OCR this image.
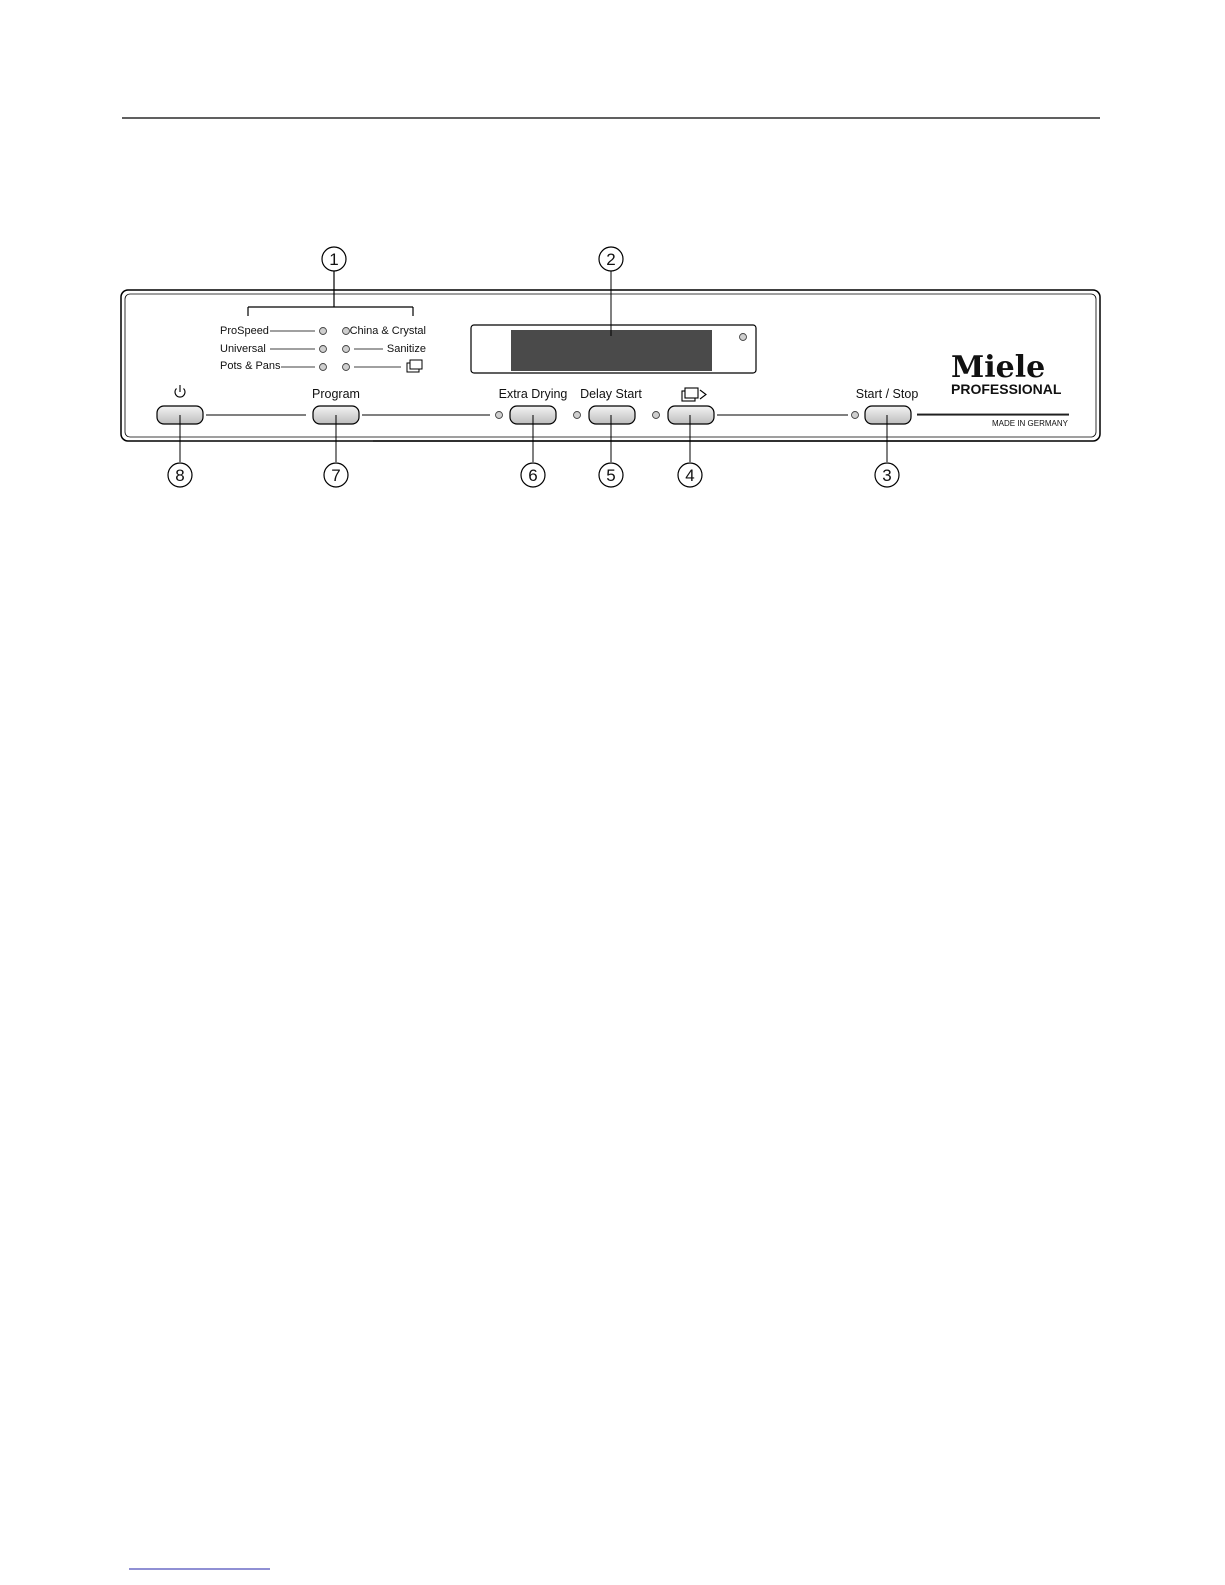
ProSpeed
Universal
Pots & Pans
China & Crystal
Sanitize
Miele
PROFESSIONAL
MADE IN GERMANY
Program	Extra Drying Delay Start	Start / Stop
1	2
3
4
5
6
7
8
